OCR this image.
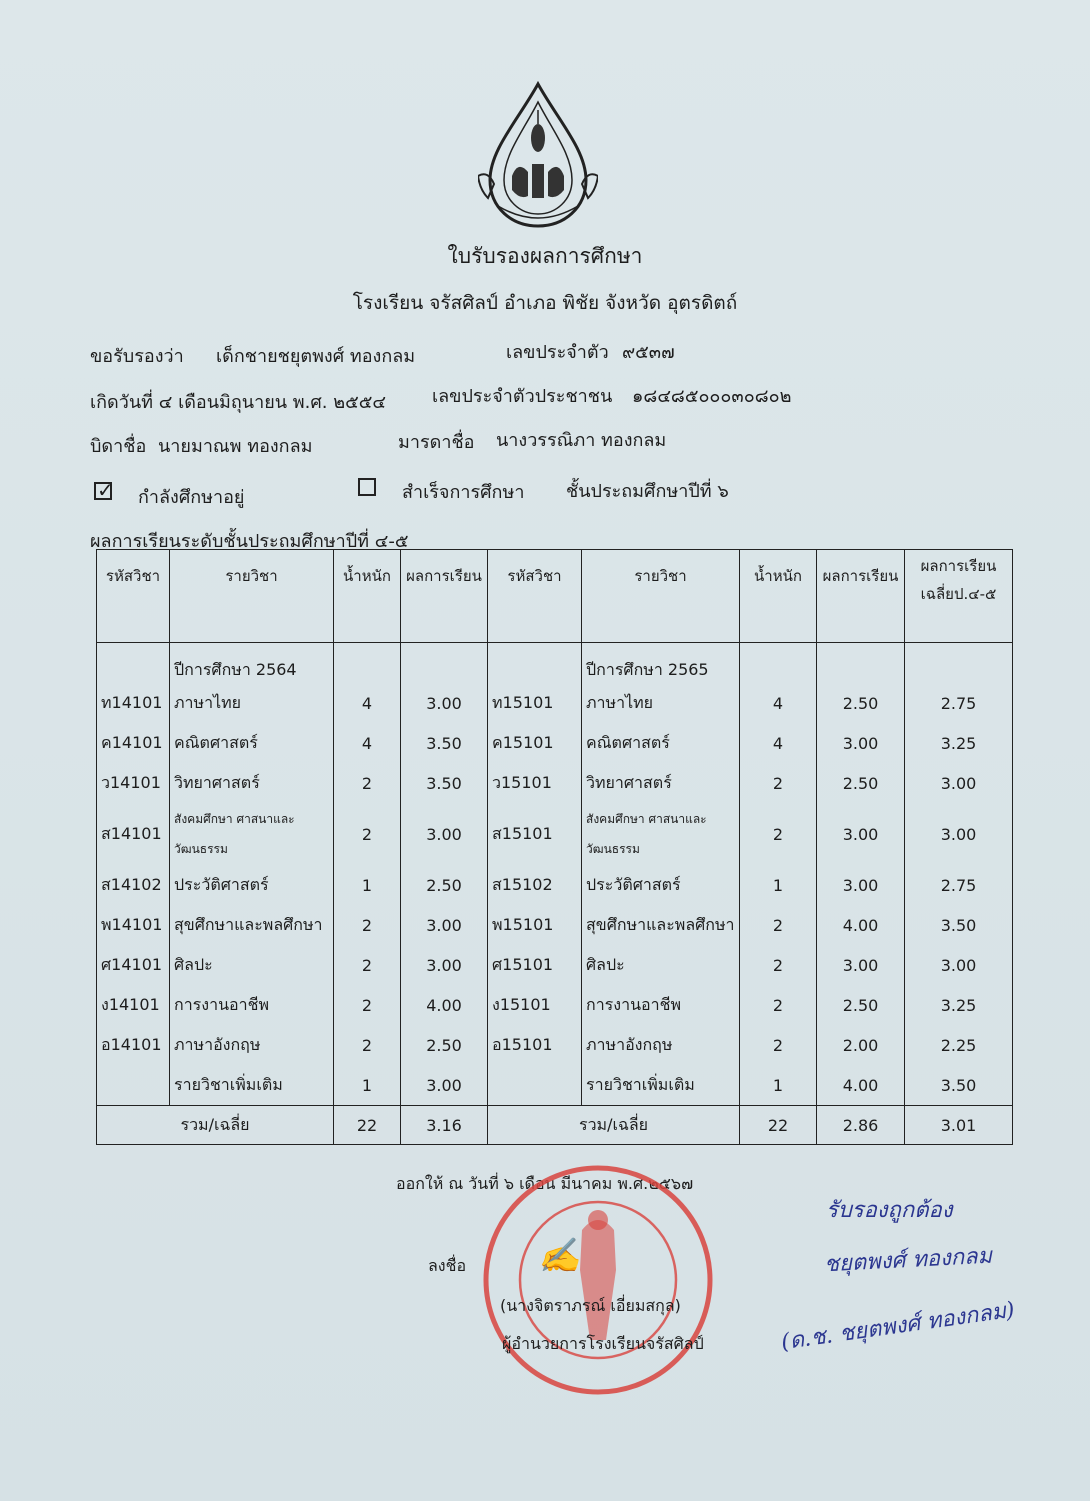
ใบรับรองผลการศึกษา
โรงเรียน จรัสศิลป์ อำเภอ พิชัย จังหวัด อุตรดิตถ์
ขอรับรองว่า เด็กชายชยุตพงศ์ ทองกลม	เลขประจำตัว ๙๕๓๗
เกิดวันที่ ๔ เดือนมิถุนายน พ.ศ. ๒๕๕๔	เลขประจำตัวประชาชน ๑๘๔๘๕๐๐๐๓๐๘๐๒
บิดาชื่อ นายมาณพ ทองกลม	มารดาชื่อ นางวรรณิภา ทองกลม
✓ กำลังศึกษาอยู่	สำเร็จการศึกษา ชั้นประถมศึกษาปีที่ ๖
ผลการเรียนระดับชั้นประถมศึกษาปีที่ ๔-๕
รหัสวิชา	รายวิชา	น้ำหนัก	ผลการเรียน	รหัสวิชา	รายวิชา	น้ำหนัก	ผลการเรียน	ผลการเรียน
เฉลี่ยป.๔-๕
	ปีการศึกษา 2564				ปีการศึกษา 2565			
ท14101	ภาษาไทย	4	3.00	ท15101	ภาษาไทย	4	2.50	2.75
ค14101	คณิตศาสตร์	4	3.50	ค15101	คณิตศาสตร์	4	3.00	3.25
ว14101	วิทยาศาสตร์	2	3.50	ว15101	วิทยาศาสตร์	2	2.50	3.00
ส14101	สังคมศึกษา ศาสนาและ วัฒนธรรม	2	3.00	ส15101	สังคมศึกษา ศาสนาและ วัฒนธรรม	2	3.00	3.00
ส14102	ประวัติศาสตร์	1	2.50	ส15102	ประวัติศาสตร์	1	3.00	2.75
พ14101	สุขศึกษาและพลศึกษา	2	3.00	พ15101	สุขศึกษาและพลศึกษา	2	4.00	3.50
ศ14101	ศิลปะ	2	3.00	ศ15101	ศิลปะ	2	3.00	3.00
ง14101	การงานอาชีพ	2	4.00	ง15101	การงานอาชีพ	2	2.50	3.25
อ14101	ภาษาอังกฤษ	2	2.50	อ15101	ภาษาอังกฤษ	2	2.00	2.25
	รายวิชาเพิ่มเติม	1	3.00		รายวิชาเพิ่มเติม	1	4.00	3.50
รวม/เฉลี่ย		22	3.16	รวม/เฉลี่ย		22	2.86	3.01
ออกให้ ณ วันที่ ๖ เดือน มีนาคม พ.ศ.๒๕๖๗
ลงชื่อ ✍
(นางจิตราภรณ์ เอี่ยมสกุล)
ผู้อำนวยการโรงเรียนจรัสศิลป์
รับรองถูกต้อง
ชยุตพงศ์ ทองกลม
(ด.ช. ชยุตพงศ์ ทองกลม)
